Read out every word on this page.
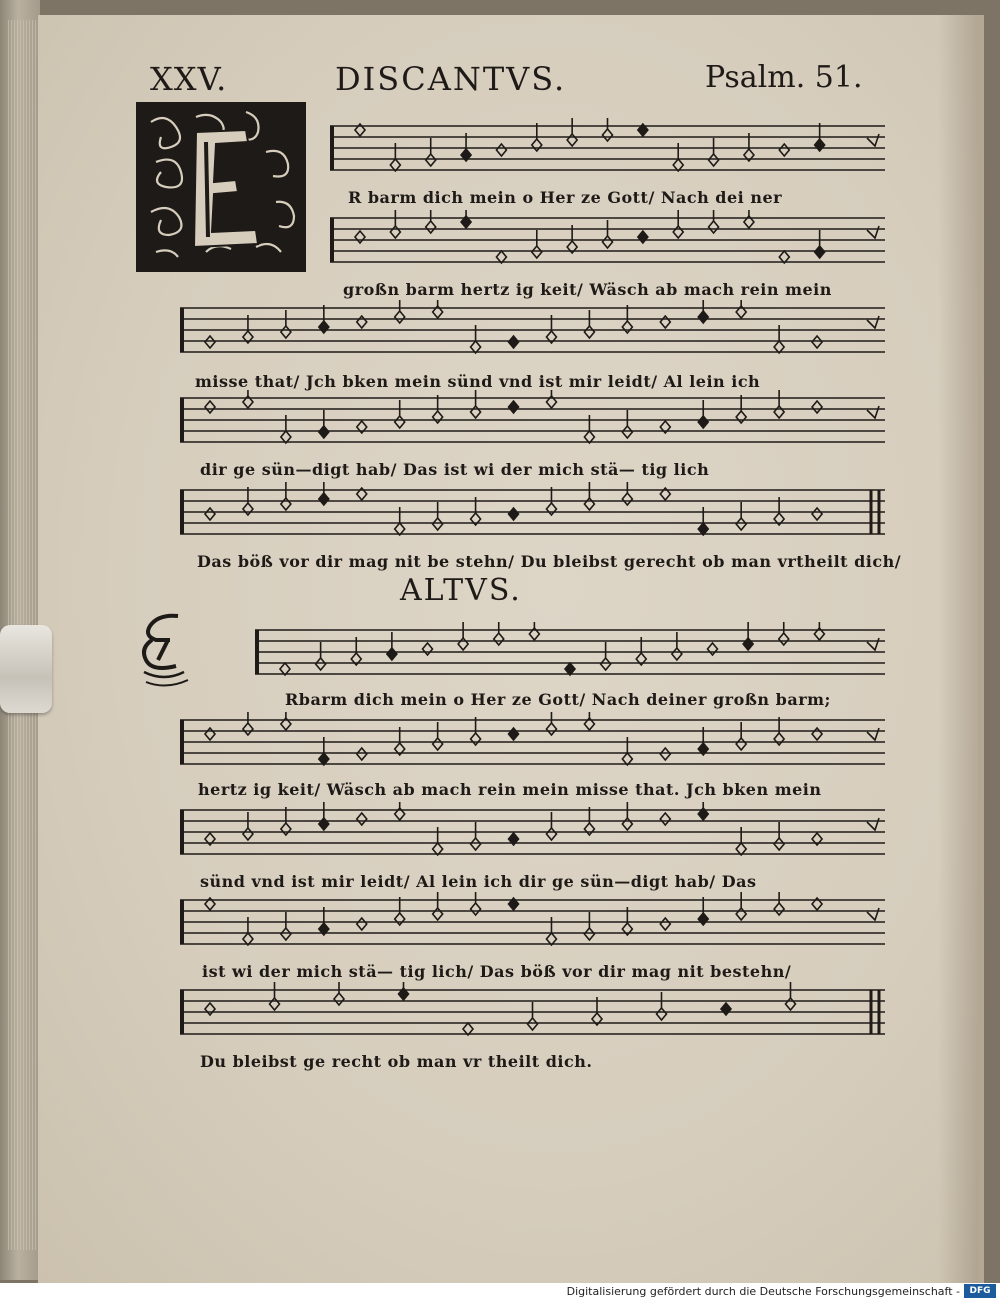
XXV.	DISCANTVS.	Psalm. 51.
R barm dich mein o Her ze Gott/ Nach dei ner
großn barm hertz ig keit/ Wäsch ab mach rein mein
misse that/ Jch bken mein sünd vnd ist mir leidt/ Al lein ich
dir ge sün—digt hab/ Das ist wi der mich stä— tig lich
Das böß vor dir mag nit be stehn/ Du bleibst gerecht ob man vrtheilt dich/
ALTVS.
Rbarm dich mein o Her ze Gott/ Nach deiner großn barm;
hertz ig keit/ Wäsch ab mach rein mein misse that. Jch bken mein
sünd vnd ist mir leidt/ Al lein ich dir ge sün—digt hab/ Das
ist wi der mich stä— tig lich/ Das böß vor dir mag nit bestehn/
Du bleibst ge recht ob man vr theilt dich.
Digitalisierung gefördert durch die Deutsche Forschungsgemeinschaft -	DFG
